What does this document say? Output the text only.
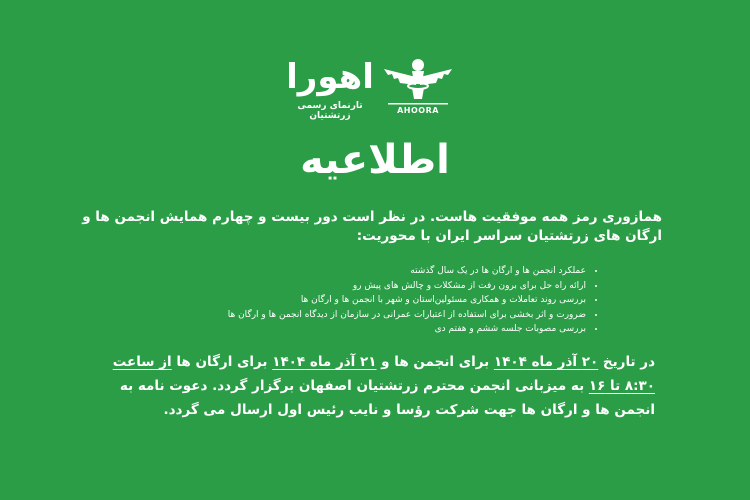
اهورا
تارنمای رسمی زرتشتیان
AHOORA
اطلاعیه

همازوری رمز همه موفقیت هاست. در نظر است دور بیست و چهارم همایش انجمن ها و ارگان های زرتشتیان سراسر ایران با محوریت:

• عملکرد انجمن ها و ارگان ها در یک سال گذشته
• ارائه راه حل برای برون رفت از مشکلات و چالش های پیش رو
• بررسی روند تعاملات و همکاری مسئولین‌استان و شهر با انجمن ها و ارگان ها
• ضرورت و اثر بخشی برای استفاده از اعتبارات عمرانی در سازمان از دیدگاه انجمن ها و ارگان ها
• بررسی مصوبات جلسه ششم و هفتم دی

در تاریخ ۲۰ آذر ماه ۱۴۰۴ برای انجمن ها و ۲۱ آذر ماه ۱۴۰۴ برای ارگان ها از ساعت ۸:۳۰ تا ۱۶ به میزبانی انجمن محترم زرتشتیان اصفهان برگزار گردد. دعوت نامه به انجمن ها و ارگان ها جهت شرکت رؤسا و نایب رئیس اول ارسال می گردد.
